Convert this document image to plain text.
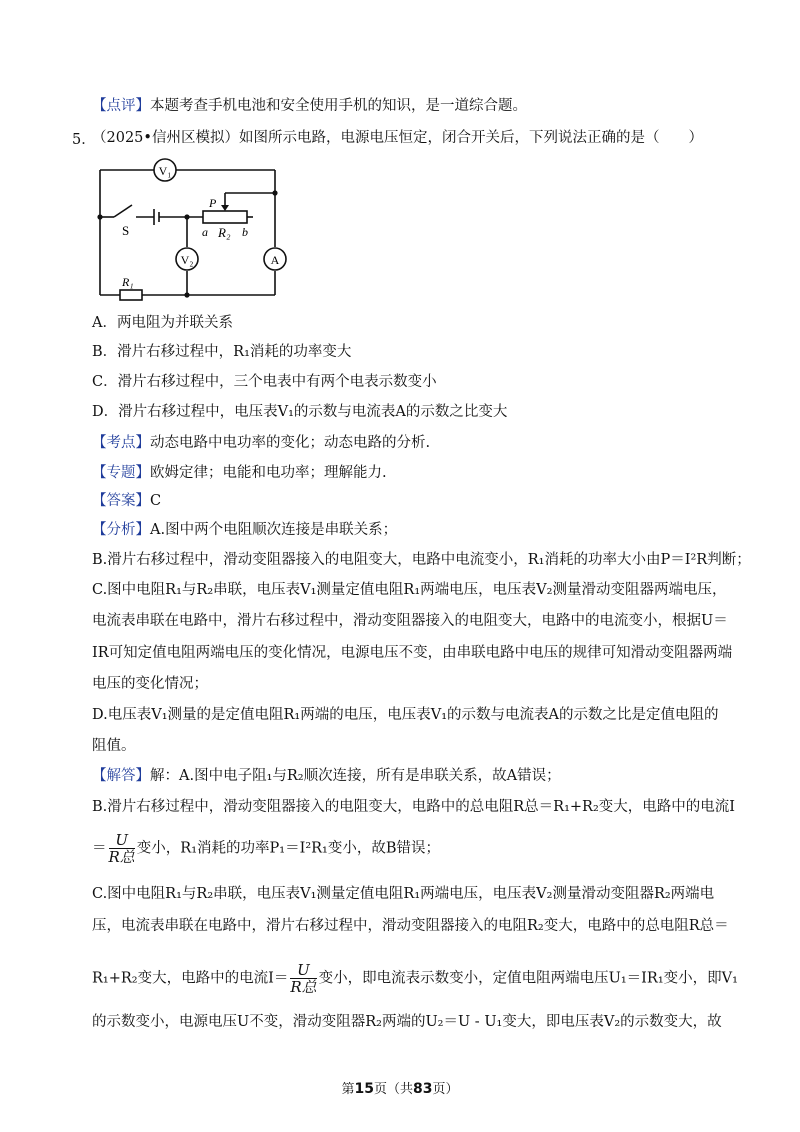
【点评】本题考查手机电池和安全使用手机的知识，是一道综合题。
5．
（2025•信州区模拟）如图所示电路，电源电压恒定，闭合开关后，下列说法正确的是（　　）
V₁
V₂	A
R₁
S
P
a R₂ b
A．两电阻为并联关系
B．滑片右移过程中，R₁消耗的功率变大
C．滑片右移过程中，三个电表中有两个电表示数变小
D．滑片右移过程中，电压表V₁的示数与电流表A的示数之比变大
【考点】动态电路中电功率的变化；动态电路的分析.
【专题】欧姆定律；电能和电功率；理解能力.
【答案】C
【分析】A.图中两个电阻顺次连接是串联关系；
B.滑片右移过程中，滑动变阻器接入的电阻变大，电路中电流变小，R₁消耗的功率大小由P＝I²R判断；
C.图中电阻R₁与R₂串联，电压表V₁测量定值电阻R₁两端电压，电压表V₂测量滑动变阻器两端电压，
电流表串联在电路中，滑片右移过程中，滑动变阻器接入的电阻变大，电路中的电流变小，根据U＝
IR可知定值电阻两端电压的变化情况，电源电压不变，由串联电路中电压的规律可知滑动变阻器两端
电压的变化情况；
D.电压表V₁测量的是定值电阻R₁两端的电压，电压表V₁的示数与电流表A的示数之比是定值电阻的
阻值。
【解答】解：A.图中电子阻₁与R₂顺次连接，所有是串联关系，故A错误；
B.滑片右移过程中，滑动变阻器接入的电阻变大，电路中的总电阻R总＝R₁+R₂变大，电路中的电流I
＝ $\frac{U}{\text{R总}}$ 变小，R₁消耗的功率P₁＝I²R₁变小，故B错误；
C.图中电阻R₁与R₂串联，电压表V₁测量定值电阻R₁两端电压，电压表V₂测量滑动变阻器R₂两端电
压，电流表串联在电路中，滑片右移过程中，滑动变阻器接入的电阻R₂变大，电路中的总电阻R总＝
R₁+R₂变大，电路中的电流$I= \frac{U}{\text{R总}}$ 变小，即电流表示数变小，定值电阻两端电压U₁＝IR₁变小，即V₁
的示数变小，电源电压U不变，滑动变阻器R₂两端的U₂＝U - U₁变大，即电压表V₂的示数变大，故
第15页（共83页）
